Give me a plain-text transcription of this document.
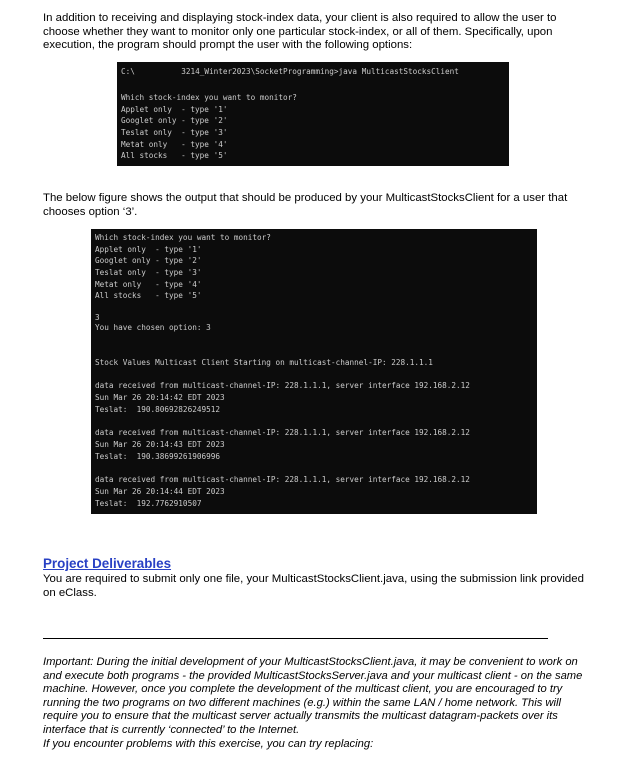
In addition to receiving and displaying stock-index data, your client is also required to allow the user to choose whether they want to monitor only one particular stock-index, or all of them. Specifically, upon execution, the program should prompt the user with the following options:

C:\	3214_Winter2023\SocketProgramming>java MulticastStocksClient
Which stock-index you want to monitor?
Applet only  - type '1'
Googlet only - type '2'
Teslat only  - type '3'
Metat only   - type '4'
All stocks   - type '5'

The below figure shows the output that should be produced by your MulticastStocksClient for a user that chooses option ‘3’.

Which stock-index you want to monitor?
Applet only  - type '1'
Googlet only - type '2'
Teslat only  - type '3'
Metat only   - type '4'
All stocks   - type '5'
3
You have chosen option: 3
Stock Values Multicast Client Starting on multicast-channel-IP: 228.1.1.1
data received from multicast-channel-IP: 228.1.1.1, server interface 192.168.2.12
Sun Mar 26 20:14:42 EDT 2023
Teslat:  190.80692826249512
data received from multicast-channel-IP: 228.1.1.1, server interface 192.168.2.12
Sun Mar 26 20:14:43 EDT 2023
Teslat:  190.38699261906996
data received from multicast-channel-IP: 228.1.1.1, server interface 192.168.2.12
Sun Mar 26 20:14:44 EDT 2023
Teslat:  192.7762910507
Project Deliverables

You are required to submit only one file, your MulticastStocksClient.java, using the submission link provided on eClass.

Important: During the initial development of your MulticastStocksClient.java, it may be convenient to work on and execute both programs - the provided MulticastStocksServer.java and your multicast client - on the same machine. However, once you complete the development of the multicast client, you are encouraged to try running the two programs on two different machines (e.g.) within the same LAN / home network. This will require you to ensure that the multicast server actually transmits the multicast datagram-packets over its interface that is currently ‘connected’ to the Internet.
If you encounter problems with this exercise, you can try replacing:
